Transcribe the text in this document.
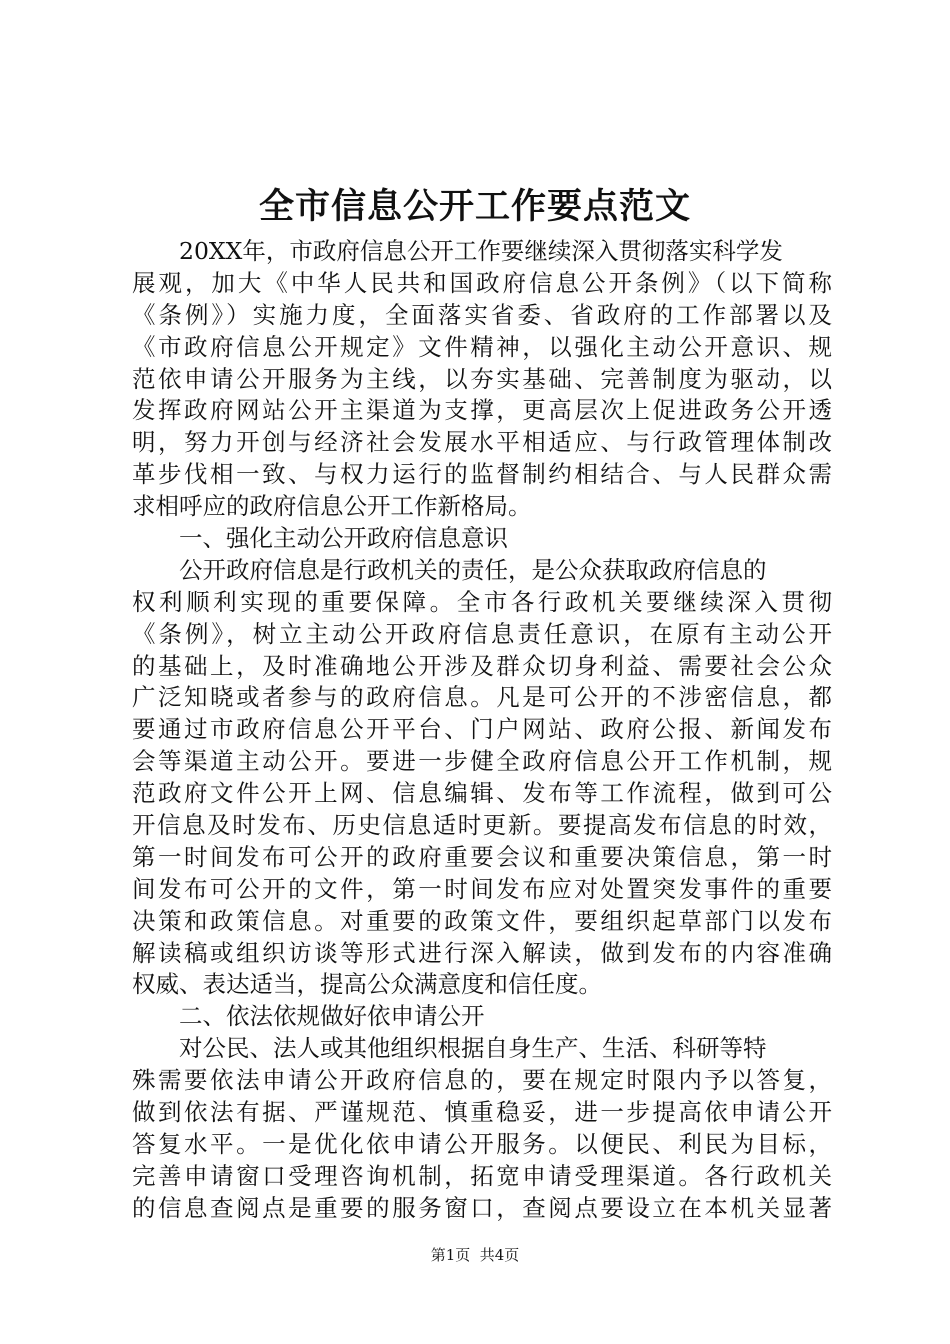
全市信息公开工作要点范文
20XX年，市政府信息公开工作要继续深入贯彻落实科学发
展观，加大《中华人民共和国政府信息公开条例》（以下简称
《条例》）实施力度，全面落实省委、省政府的工作部署以及
《市政府信息公开规定》文件精神，以强化主动公开意识、规
范依申请公开服务为主线，以夯实基础、完善制度为驱动，以
发挥政府网站公开主渠道为支撑，更高层次上促进政务公开透
明，努力开创与经济社会发展水平相适应、与行政管理体制改
革步伐相一致、与权力运行的监督制约相结合、与人民群众需
求相呼应的政府信息公开工作新格局。
一、强化主动公开政府信息意识
公开政府信息是行政机关的责任，是公众获取政府信息的
权利顺利实现的重要保障。全市各行政机关要继续深入贯彻
《条例》，树立主动公开政府信息责任意识，在原有主动公开
的基础上，及时准确地公开涉及群众切身利益、需要社会公众
广泛知晓或者参与的政府信息。凡是可公开的不涉密信息，都
要通过市政府信息公开平台、门户网站、政府公报、新闻发布
会等渠道主动公开。要进一步健全政府信息公开工作机制，规
范政府文件公开上网、信息编辑、发布等工作流程，做到可公
开信息及时发布、历史信息适时更新。要提高发布信息的时效，
第一时间发布可公开的政府重要会议和重要决策信息，第一时
间发布可公开的文件，第一时间发布应对处置突发事件的重要
决策和政策信息。对重要的政策文件，要组织起草部门以发布
解读稿或组织访谈等形式进行深入解读，做到发布的内容准确
权威、表达适当，提高公众满意度和信任度。
二、依法依规做好依申请公开
对公民、法人或其他组织根据自身生产、生活、科研等特
殊需要依法申请公开政府信息的，要在规定时限内予以答复，
做到依法有据、严谨规范、慎重稳妥，进一步提高依申请公开
答复水平。一是优化依申请公开服务。以便民、利民为目标，
完善申请窗口受理咨询机制，拓宽申请受理渠道。各行政机关
的信息查阅点是重要的服务窗口，查阅点要设立在本机关显著
第1页  共4页
